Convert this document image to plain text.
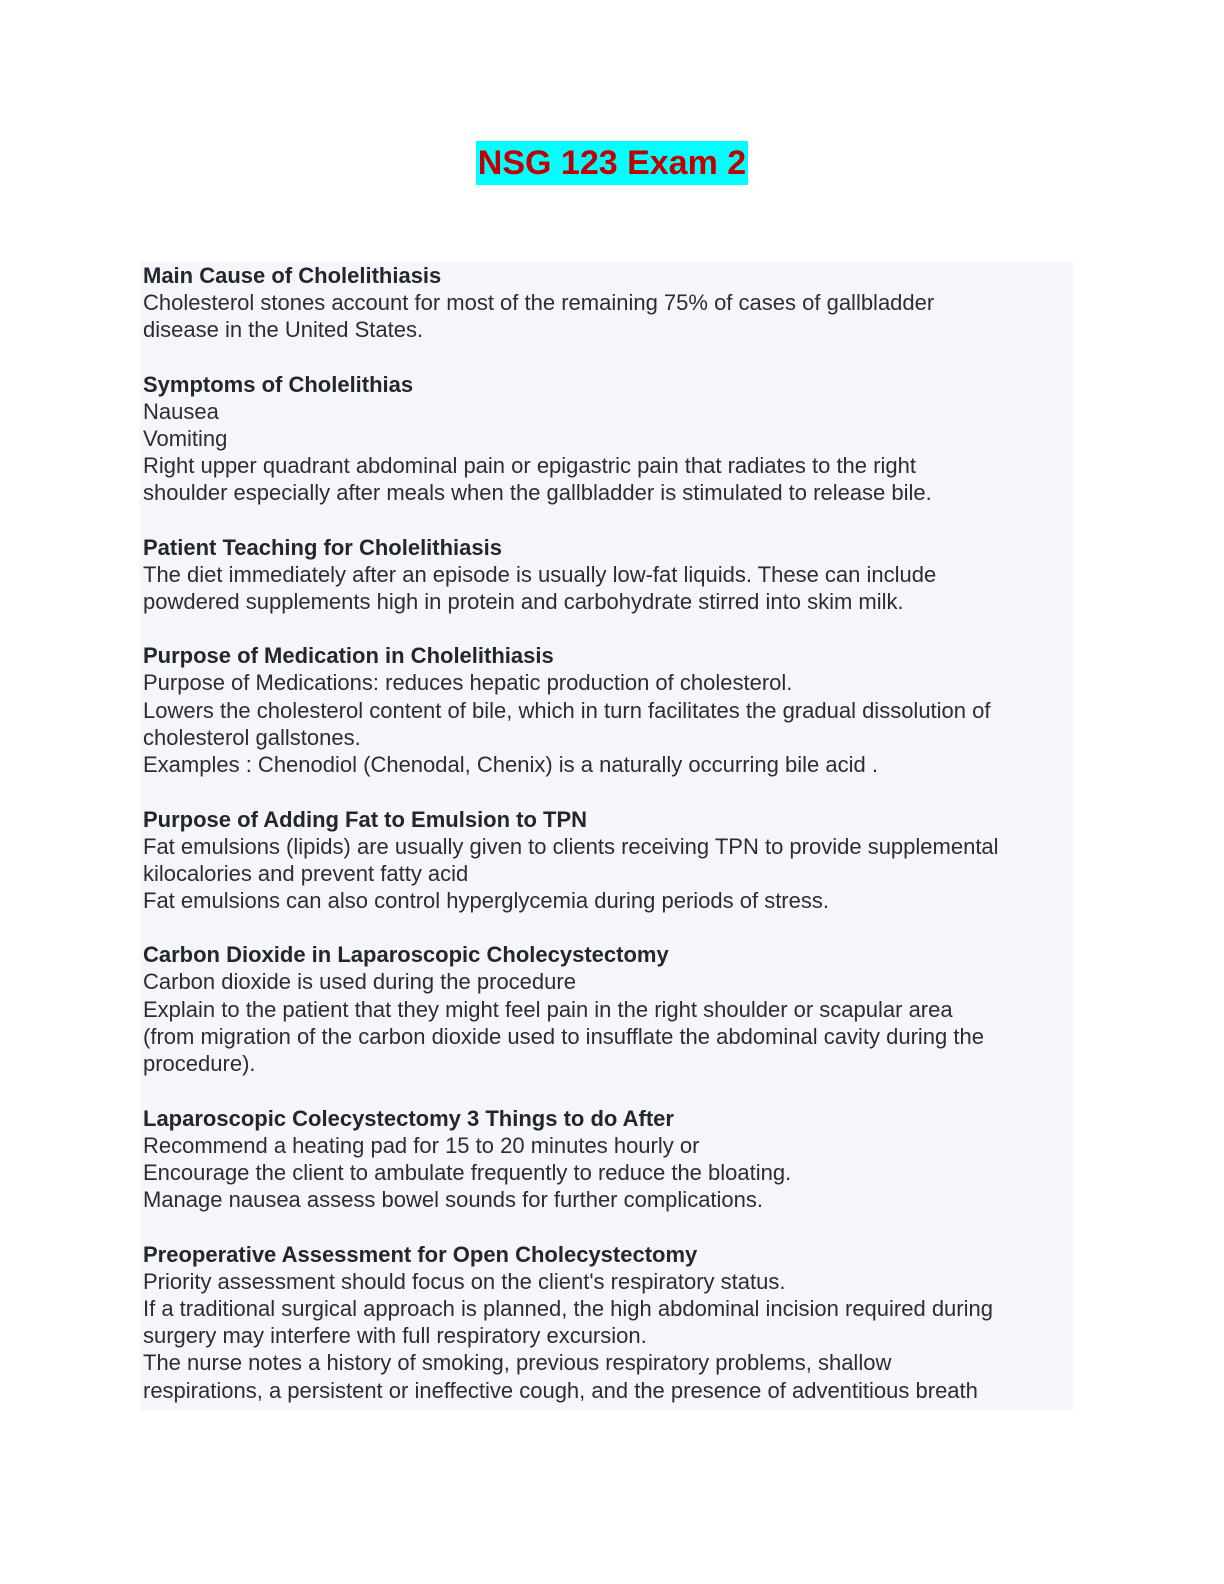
NSG 123 Exam 2
Main Cause of Cholelithiasis
Cholesterol stones account for most of the remaining 75% of cases of gallbladder
disease in the United States.
Symptoms of Cholelithias
Nausea
Vomiting
Right upper quadrant abdominal pain or epigastric pain that radiates to the right
shoulder especially after meals when the gallbladder is stimulated to release bile.
Patient Teaching for Cholelithiasis
The diet immediately after an episode is usually low-fat liquids. These can include
powdered supplements high in protein and carbohydrate stirred into skim milk.
Purpose of Medication in Cholelithiasis
Purpose of Medications: reduces hepatic production of cholesterol.
Lowers the cholesterol content of bile, which in turn facilitates the gradual dissolution of
cholesterol gallstones.
Examples : Chenodiol (Chenodal, Chenix) is a naturally occurring bile acid .
Purpose of Adding Fat to Emulsion to TPN
Fat emulsions (lipids) are usually given to clients receiving TPN to provide supplemental
kilocalories and prevent fatty acid
Fat emulsions can also control hyperglycemia during periods of stress.
Carbon Dioxide in Laparoscopic Cholecystectomy
Carbon dioxide is used during the procedure
Explain to the patient that they might feel pain in the right shoulder or scapular area
(from migration of the carbon dioxide used to insufflate the abdominal cavity during the
procedure).
Laparoscopic Colecystectomy 3 Things to do After
Recommend a heating pad for 15 to 20 minutes hourly or
Encourage the client to ambulate frequently to reduce the bloating.
Manage nausea assess bowel sounds for further complications.
Preoperative Assessment for Open Cholecystectomy
Priority assessment should focus on the client's respiratory status.
If a traditional surgical approach is planned, the high abdominal incision required during
surgery may interfere with full respiratory excursion.
The nurse notes a history of smoking, previous respiratory problems, shallow
respirations, a persistent or ineffective cough, and the presence of adventitious breath
